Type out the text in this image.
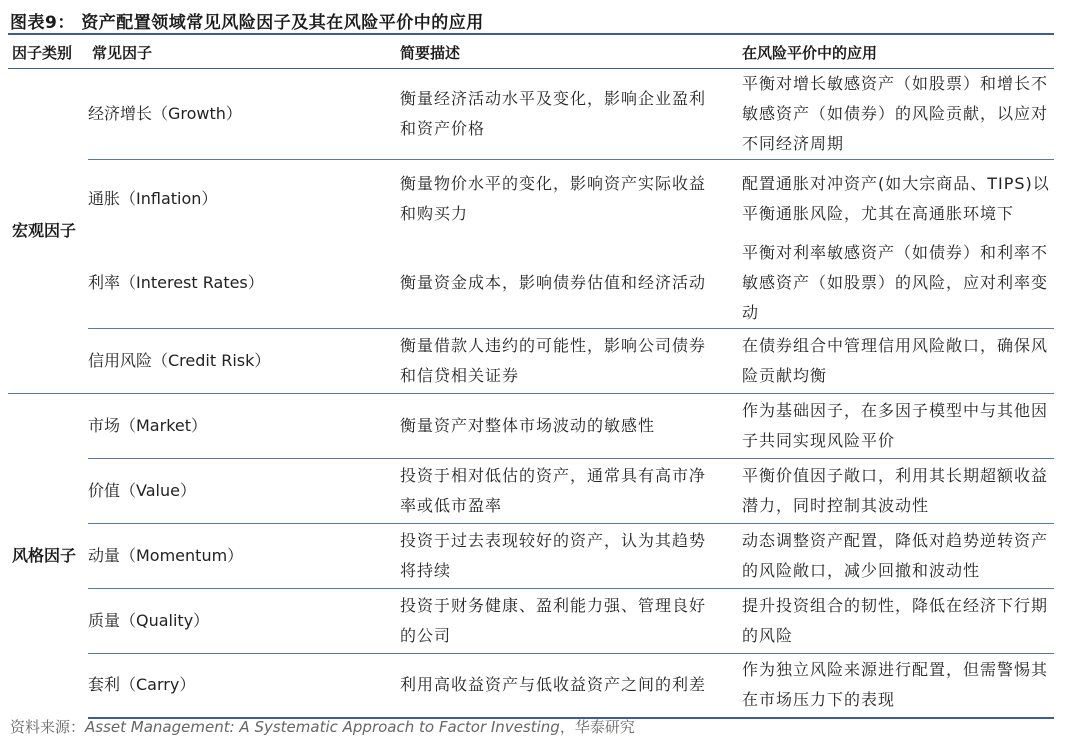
图表9： 资产配置领域常见风险因子及其在风险平价中的应用
因子类别	常见因子	简要描述	在风险平价中的应用
宏观因子	经济增长（Growth）	衡量经济活动水平及变化，影响企业盈利和资产价格	平衡对增长敏感资产（如股票）和增长不敏感资产（如债券）的风险贡献，以应对不同经济周期
	通胀（Inflation）	衡量物价水平的变化，影响资产实际收益和购买力	配置通胀对冲资产(如大宗商品、TIPS)以平衡通胀风险，尤其在高通胀环境下
	利率（Interest Rates）	衡量资金成本，影响债券估值和经济活动	平衡对利率敏感资产（如债券）和利率不敏感资产（如股票）的风险，应对利率变动
	信用风险（Credit Risk）	衡量借款人违约的可能性，影响公司债券和信贷相关证券	在债券组合中管理信用风险敞口，确保风险贡献均衡
风格因子	市场（Market）	衡量资产对整体市场波动的敏感性	作为基础因子，在多因子模型中与其他因子共同实现风险平价
	价值（Value）	投资于相对低估的资产，通常具有高市净率或低市盈率	平衡价值因子敞口，利用其长期超额收益潜力，同时控制其波动性
	动量（Momentum）	投资于过去表现较好的资产，认为其趋势将持续	动态调整资产配置，降低对趋势逆转资产的风险敞口，减少回撤和波动性
	质量（Quality）	投资于财务健康、盈利能力强、管理良好的公司	提升投资组合的韧性，降低在经济下行期的风险
	套利（Carry）	利用高收益资产与低收益资产之间的利差	作为独立风险来源进行配置，但需警惕其在市场压力下的表现
资料来源：Asset Management: A Systematic Approach to Factor Investing，华泰研究
